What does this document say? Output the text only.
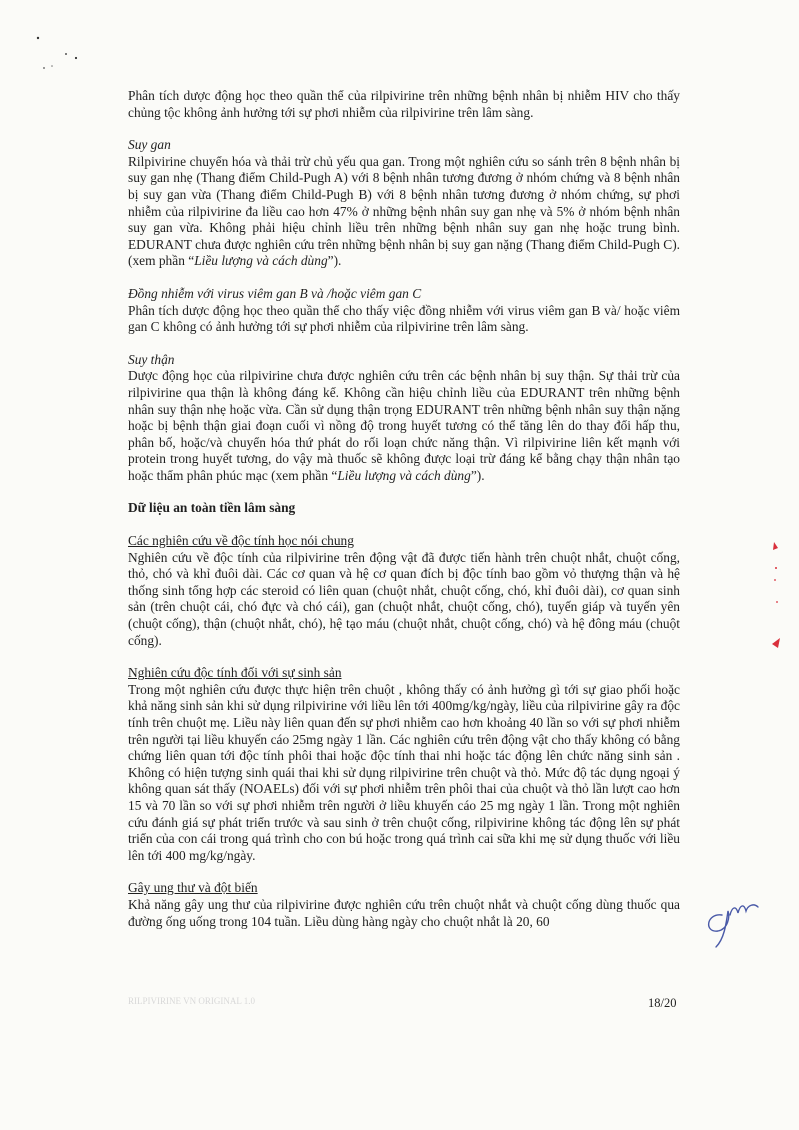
Phân tích dược động học theo quần thể của rilpivirine trên những bệnh nhân bị nhiễm HIV cho thấy chủng tộc không ảnh hưởng tới sự phơi nhiễm của rilpivirine trên lâm sàng.

Suy gan

Rilpivirine chuyển hóa và thải trừ chủ yếu qua gan. Trong một nghiên cứu so sánh trên 8 bệnh nhân bị suy gan nhẹ (Thang điểm Child-Pugh A) với 8 bệnh nhân tương đương ở nhóm chứng và 8 bệnh nhân bị suy gan vừa (Thang điểm Child-Pugh B) với 8 bệnh nhân tương đương ở nhóm chứng, sự phơi nhiễm của rilpivirine đa liều cao hơn 47% ở những bệnh nhân suy gan nhẹ và 5% ở nhóm bệnh nhân suy gan vừa. Không phải hiệu chỉnh liều trên những bệnh nhân suy gan nhẹ hoặc trung bình. EDURANT chưa được nghiên cứu trên những bệnh nhân bị suy gan nặng (Thang điểm Child-Pugh C). (xem phần “Liều lượng và cách dùng”).

Đồng nhiễm với virus viêm gan B và /hoặc viêm gan C

Phân tích dược động học theo quần thể cho thấy việc đồng nhiễm với virus viêm gan B và/ hoặc viêm gan C không có ảnh hưởng tới sự phơi nhiễm của rilpivirine trên lâm sàng.

Suy thận

Dược động học của rilpivirine chưa được nghiên cứu trên các bệnh nhân bị suy thận. Sự thải trừ của rilpivirine qua thận là không đáng kể. Không cần hiệu chỉnh liều của EDURANT trên những bệnh nhân suy thận nhẹ hoặc vừa. Cần sử dụng thận trọng EDURANT trên những bệnh nhân suy thận nặng hoặc bị bệnh thận giai đoạn cuối vì nồng độ trong huyết tương có thể tăng lên do thay đổi hấp thu, phân bố, hoặc/và chuyển hóa thứ phát do rối loạn chức năng thận. Vì rilpivirine liên kết mạnh với protein trong huyết tương, do vậy mà thuốc sẽ không được loại trừ đáng kể bằng chạy thận nhân tạo hoặc thẩm phân phúc mạc (xem phần “Liều lượng và cách dùng”).

Dữ liệu an toàn tiền lâm sàng

Các nghiên cứu về độc tính học nói chung

Nghiên cứu về độc tính của rilpivirine trên động vật đã được tiến hành trên chuột nhắt, chuột cống, thỏ, chó và khỉ đuôi dài. Các cơ quan và hệ cơ quan đích bị độc tính bao gồm vỏ thượng thận và hệ thống sinh tổng hợp các steroid có liên quan (chuột nhắt, chuột cống, chó, khỉ đuôi dài), cơ quan sinh sản (trên chuột cái, chó đực và chó cái), gan (chuột nhắt, chuột cống, chó), tuyến giáp và tuyến yên (chuột cống), thận (chuột nhắt, chó), hệ tạo máu (chuột nhắt, chuột cống, chó) và hệ đông máu (chuột cống).

Nghiên cứu độc tính đối với sự sinh sản

Trong một nghiên cứu được thực hiện trên chuột , không thấy có ảnh hưởng gì tới sự giao phối hoặc khả năng sinh sản khi sử dụng rilpivirine với liều lên tới 400mg/kg/ngày, liều của rilpivirine gây ra độc tính trên chuột mẹ. Liều này liên quan đến sự phơi nhiễm cao hơn khoảng 40 lần so với sự phơi nhiễm trên người tại liều khuyến cáo 25mg ngày 1 lần. Các nghiên cứu trên động vật cho thấy không có bằng chứng liên quan tới độc tính phôi thai hoặc độc tính thai nhi hoặc tác động lên chức năng sinh sản . Không có hiện tượng sinh quái thai khi sử dụng rilpivirine trên chuột và thỏ. Mức độ tác dụng ngoại ý không quan sát thấy (NOAELs) đối với sự phơi nhiễm trên phôi thai của chuột và thỏ lần lượt cao hơn 15 và 70 lần so với sự phơi nhiễm trên người ở liều khuyến cáo 25 mg ngày 1 lần. Trong một nghiên cứu đánh giá sự phát triển trước và sau sinh ở trên chuột cống, rilpivirine không tác động lên sự phát triển của con cái trong quá trình cho con bú hoặc trong quá trình cai sữa khi mẹ sử dụng thuốc với liều lên tới 400 mg/kg/ngày.

Gây ung thư và đột biến

Khả năng gây ung thư của rilpivirine được nghiên cứu trên chuột nhắt và chuột cống dùng thuốc qua đường ống uống trong 104 tuần. Liều dùng hàng ngày cho chuột nhắt là 20, 60

RILPIVIRINE VN ORIGINAL 1.0	18/20
